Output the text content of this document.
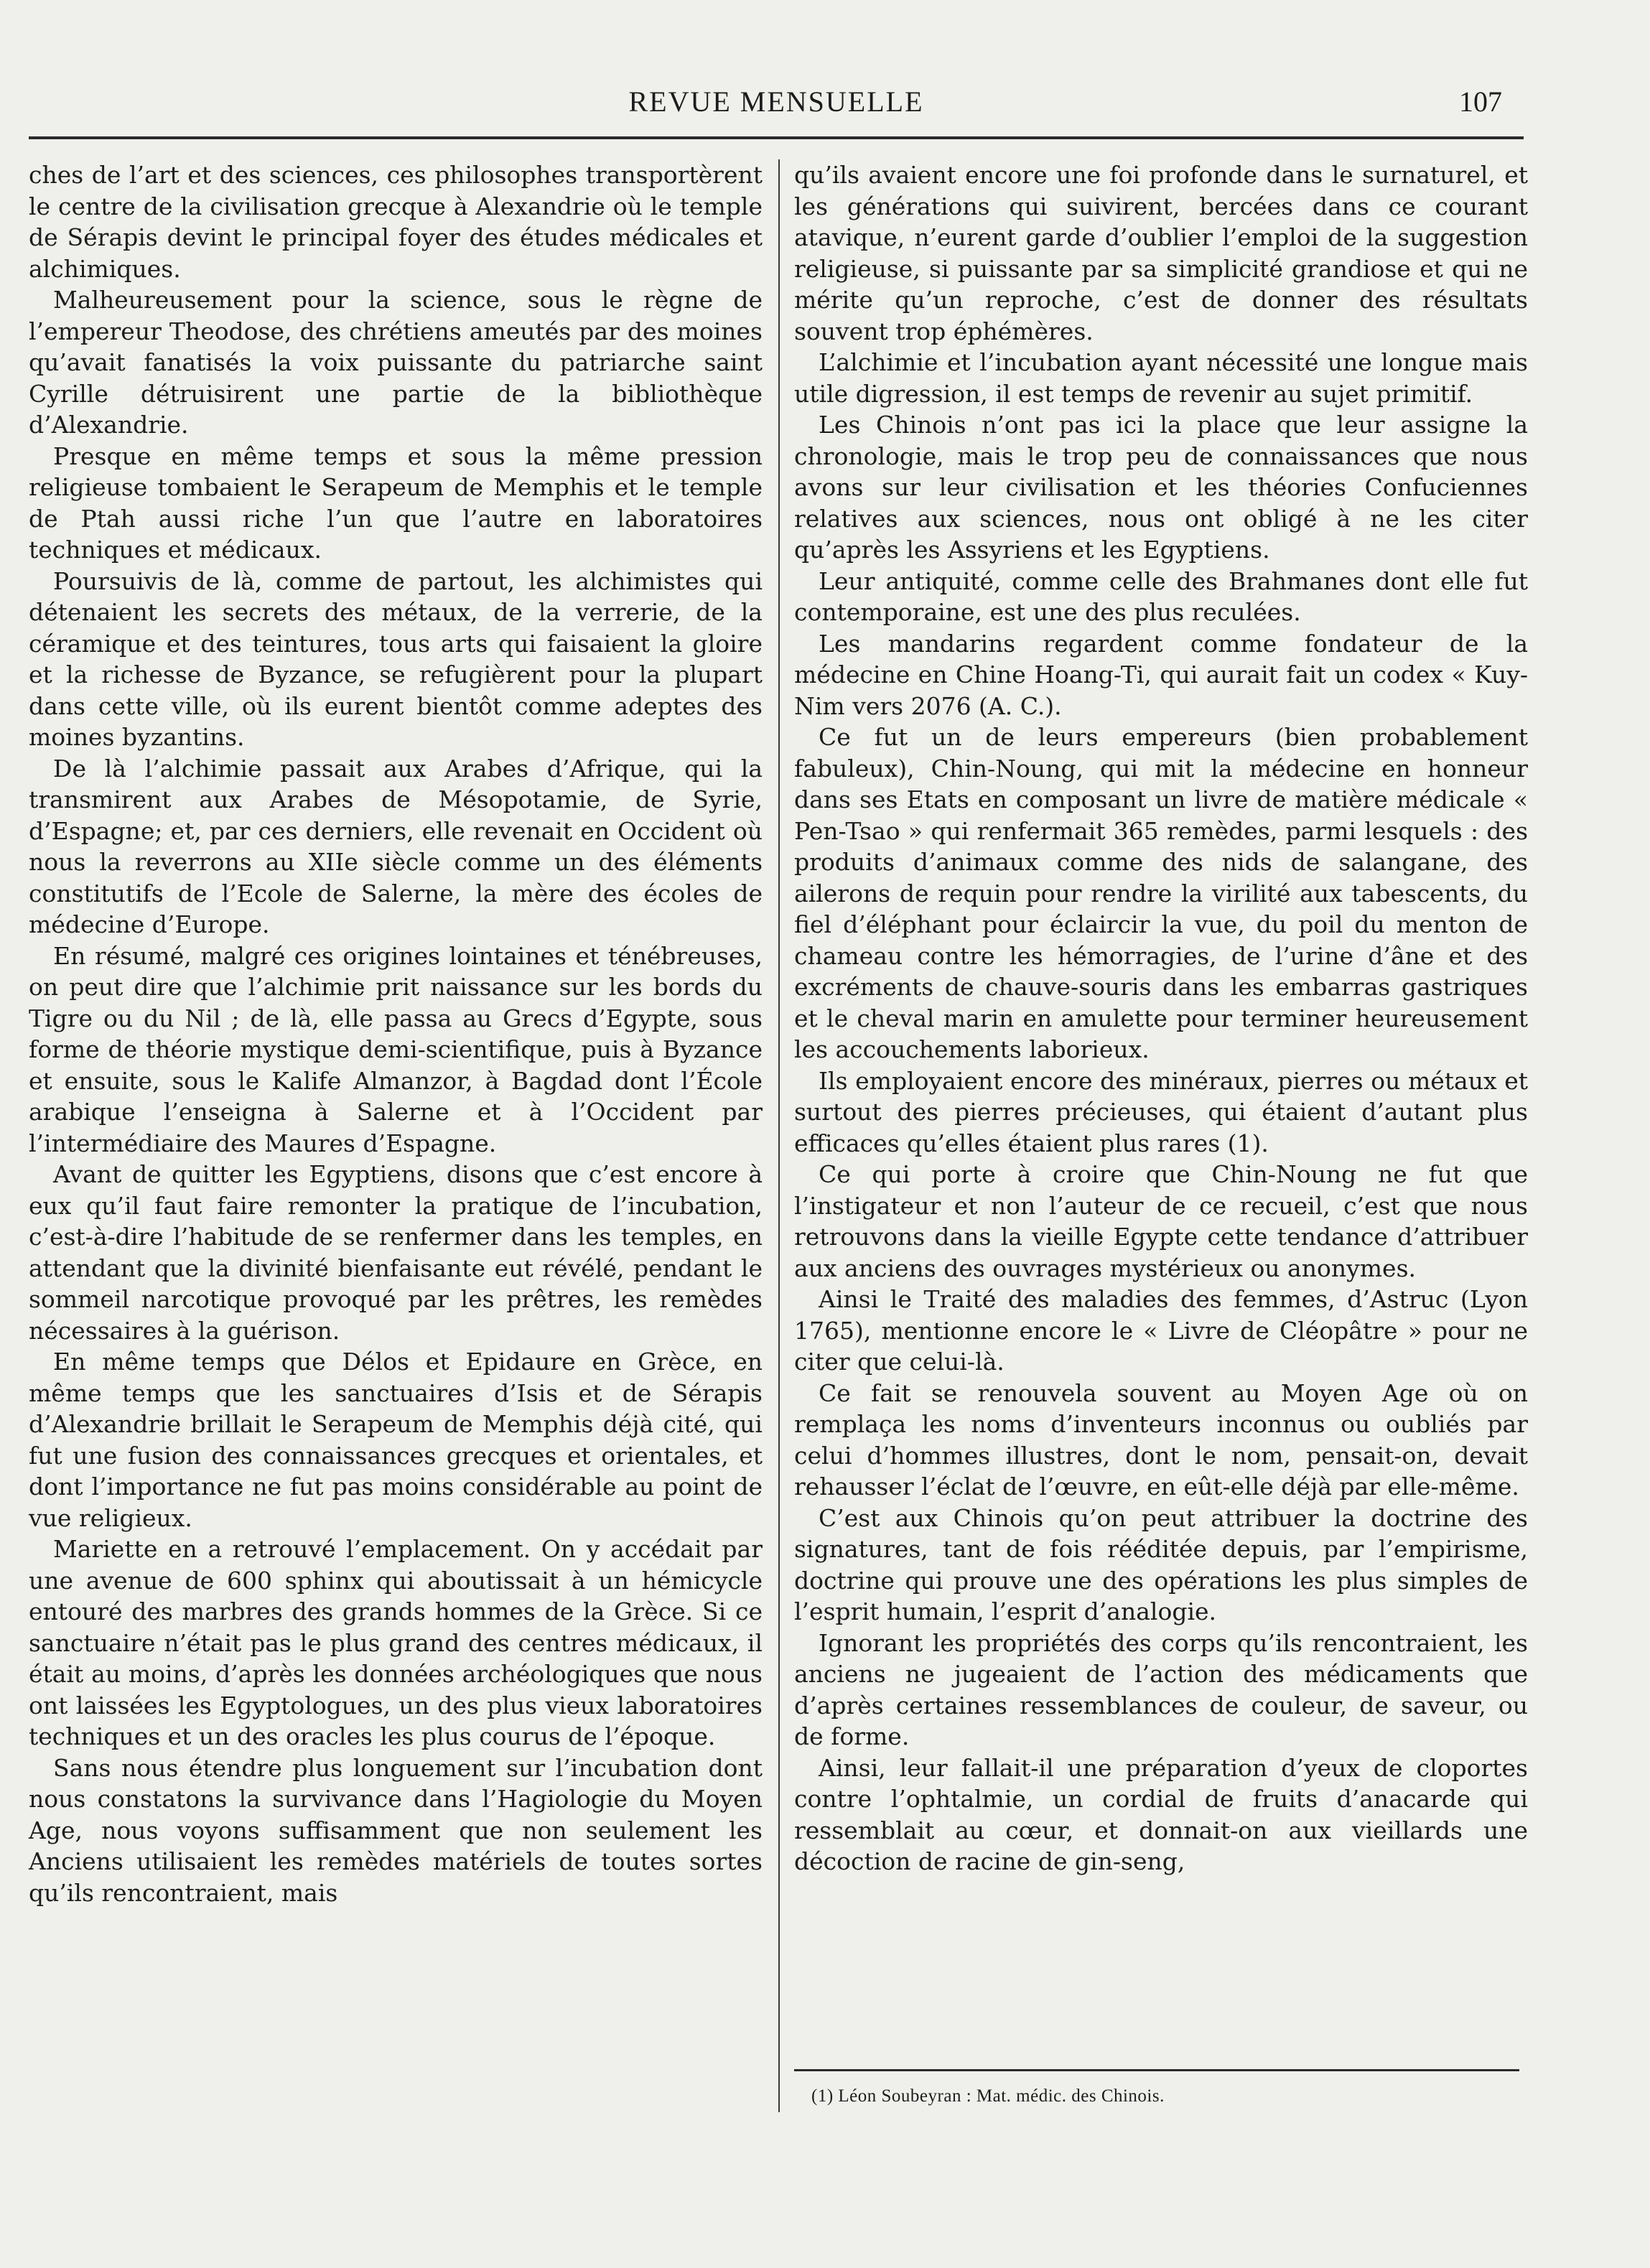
REVUE MENSUELLE	107

ches de l’art et des sciences, ces philosophes transportèrent le centre de la civilisation grecque à Alexandrie où le temple de Sérapis devint le principal foyer des études médicales et alchimiques.

Malheureusement pour la science, sous le règne de l’empereur Theodose, des chrétiens ameutés par des moines qu’avait fanatisés la voix puissante du patriarche saint Cyrille détruisirent une partie de la bibliothèque d’Alexandrie.

Presque en même temps et sous la même pression religieuse tombaient le Serapeum de Memphis et le temple de Ptah aussi riche l’un que l’autre en laboratoires techniques et médicaux.

Poursuivis de là, comme de partout, les alchimistes qui détenaient les secrets des métaux, de la verrerie, de la céramique et des teintures, tous arts qui faisaient la gloire et la richesse de Byzance, se refugièrent pour la plupart dans cette ville, où ils eurent bientôt comme adeptes des moines byzantins.

De là l’alchimie passait aux Arabes d’Afrique, qui la transmirent aux Arabes de Mésopotamie, de Syrie, d’Espagne; et, par ces derniers, elle revenait en Occident où nous la reverrons au XIIe siècle comme un des éléments constitutifs de l’Ecole de Salerne, la mère des écoles de médecine d’Europe.

En résumé, malgré ces origines lointaines et ténébreuses, on peut dire que l’alchimie prit naissance sur les bords du Tigre ou du Nil ; de là, elle passa au Grecs d’Egypte, sous forme de théorie mystique demi-scientifique, puis à Byzance et ensuite, sous le Kalife Almanzor, à Bagdad dont l’École arabique l’enseigna à Salerne et à l’Occident par l’intermédiaire des Maures d’Espagne.

Avant de quitter les Egyptiens, disons que c’est encore à eux qu’il faut faire remonter la pratique de l’incubation, c’est-à-dire l’habitude de se renfermer dans les temples, en attendant que la divinité bienfaisante eut révélé, pendant le sommeil narcotique provoqué par les prêtres, les remèdes nécessaires à la guérison.

En même temps que Délos et Epidaure en Grèce, en même temps que les sanctuaires d’Isis et de Sérapis d’Alexandrie brillait le Serapeum de Memphis déjà cité, qui fut une fusion des connaissances grecques et orientales, et dont l’importance ne fut pas moins considérable au point de vue religieux.

Mariette en a retrouvé l’emplacement. On y accédait par une avenue de 600 sphinx qui aboutissait à un hémicycle entouré des marbres des grands hommes de la Grèce. Si ce sanctuaire n’était pas le plus grand des centres médicaux, il était au moins, d’après les données archéologiques que nous ont laissées les Egyptologues, un des plus vieux laboratoires techniques et un des oracles les plus courus de l’époque.

Sans nous étendre plus longuement sur l’incubation dont nous constatons la survivance dans l’Hagiologie du Moyen Age, nous voyons suffisamment que non seulement les Anciens utilisaient les remèdes matériels de toutes sortes qu’ils rencontraient, mais

qu’ils avaient encore une foi profonde dans le surnaturel, et les générations qui suivirent, bercées dans ce courant atavique, n’eurent garde d’oublier l’emploi de la suggestion religieuse, si puissante par sa simplicité grandiose et qui ne mérite qu’un reproche, c’est de donner des résultats souvent trop éphémères.

L’alchimie et l’incubation ayant nécessité une longue mais utile digression, il est temps de revenir au sujet primitif.

Les Chinois n’ont pas ici la place que leur assigne la chronologie, mais le trop peu de connaissances que nous avons sur leur civilisation et les théories Confuciennes relatives aux sciences, nous ont obligé à ne les citer qu’après les Assyriens et les Egyptiens.

Leur antiquité, comme celle des Brahmanes dont elle fut contemporaine, est une des plus reculées.

Les mandarins regardent comme fondateur de la médecine en Chine Hoang-Ti, qui aurait fait un codex « Kuy-Nim vers 2076 (A. C.).

Ce fut un de leurs empereurs (bien probablement fabuleux), Chin-Noung, qui mit la médecine en honneur dans ses Etats en composant un livre de matière médicale « Pen-Tsao » qui renfermait 365 remèdes, parmi lesquels : des produits d’animaux comme des nids de salangane, des ailerons de requin pour rendre la virilité aux tabescents, du fiel d’éléphant pour éclaircir la vue, du poil du menton de chameau contre les hémorragies, de l’urine d’âne et des excréments de chauve-souris dans les embarras gastriques et le cheval marin en amulette pour terminer heureusement les accouchements laborieux.

Ils employaient encore des minéraux, pierres ou métaux et surtout des pierres précieuses, qui étaient d’autant plus efficaces qu’elles étaient plus rares (1).

Ce qui porte à croire que Chin-Noung ne fut que l’instigateur et non l’auteur de ce recueil, c’est que nous retrouvons dans la vieille Egypte cette tendance d’attribuer aux anciens des ouvrages mystérieux ou anonymes.

Ainsi le Traité des maladies des femmes, d’Astruc (Lyon 1765), mentionne encore le « Livre de Cléopâtre » pour ne citer que celui-là.

Ce fait se renouvela souvent au Moyen Age où on remplaça les noms d’inventeurs inconnus ou oubliés par celui d’hommes illustres, dont le nom, pensait-on, devait rehausser l’éclat de l’œuvre, en eût-elle déjà par elle-même.

C’est aux Chinois qu’on peut attribuer la doctrine des signatures, tant de fois rééditée depuis, par l’empirisme, doctrine qui prouve une des opérations les plus simples de l’esprit humain, l’esprit d’analogie.

Ignorant les propriétés des corps qu’ils rencontraient, les anciens ne jugeaient de l’action des médicaments que d’après certaines ressemblances de couleur, de saveur, ou de forme.

Ainsi, leur fallait-il une préparation d’yeux de cloportes contre l’ophtalmie, un cordial de fruits d’anacarde qui ressemblait au cœur, et donnait-on aux vieillards une décoction de racine de gin-seng,

(1) Léon Soubeyran : Mat. médic. des Chinois.
